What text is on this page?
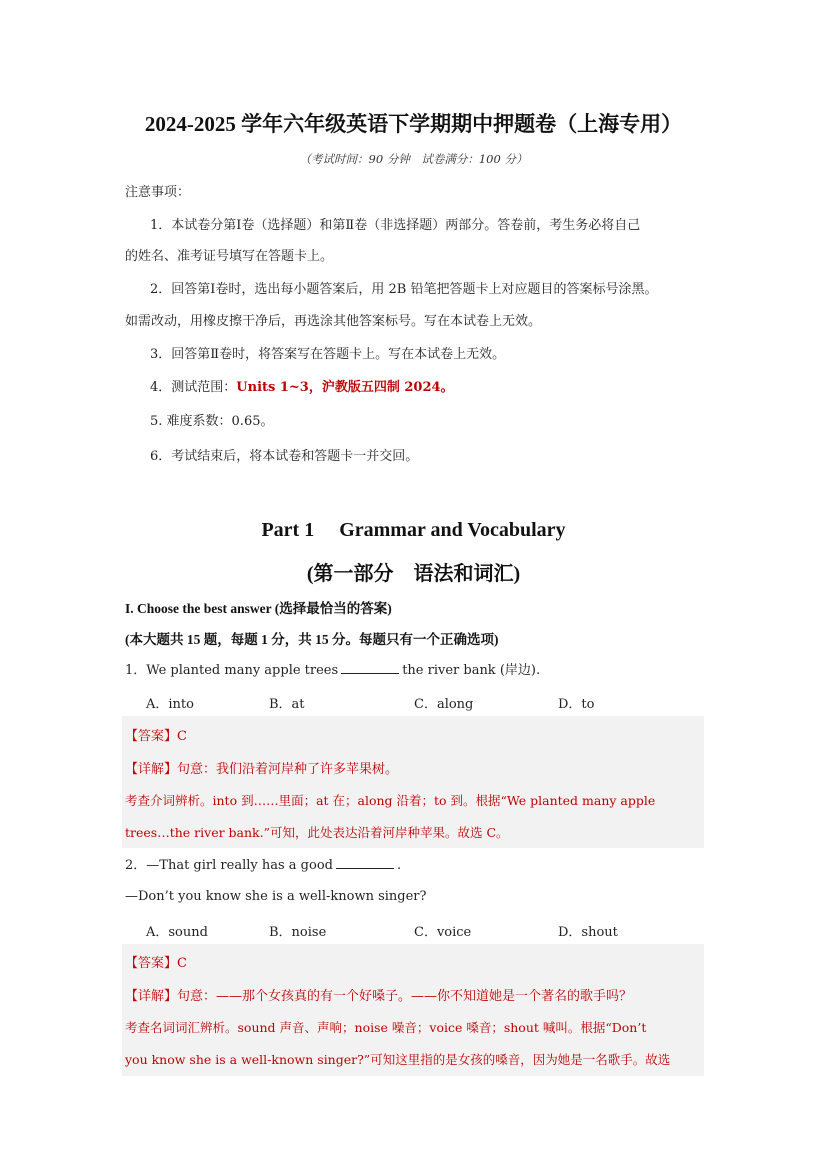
2024-2025 学年六年级英语下学期期中押题卷（上海专用）
（考试时间：90 分钟　试卷满分：100 分）
注意事项：
1．本试卷分第Ⅰ卷（选择题）和第Ⅱ卷（非选择题）两部分。答卷前，考生务必将自己
的姓名、准考证号填写在答题卡上。
2．回答第Ⅰ卷时，选出每小题答案后，用 2B 铅笔把答题卡上对应题目的答案标号涂黑。
如需改动，用橡皮擦干净后，再选涂其他答案标号。写在本试卷上无效。
3．回答第Ⅱ卷时，将答案写在答题卡上。写在本试卷上无效。
4．测试范围：Units 1~3，沪教版五四制 2024。
5. 难度系数：0.65。
6．考试结束后，将本试卷和答题卡一并交回。
Part 1　 Grammar and Vocabulary
(第一部分　语法和词汇)
I. Choose the best answer (选择最恰当的答案)
(本大题共 15 题，每题 1 分，共 15 分。每题只有一个正确选项)
1．We planted many apple trees	the river bank (岸边).
A．into	B．at	C．along	D．to
【答案】C
【详解】句意：我们沿着河岸种了许多苹果树。
考查介词辨析。into 到……里面；at 在；along 沿着；to 到。根据“We planted many apple
trees…the river bank.”可知，此处表达沿着河岸种苹果。故选 C。
2．—That girl really has a good	.
—Don’t you know she is a well-known singer?
A．sound	B．noise	C．voice	D．shout
【答案】C
【详解】句意：——那个女孩真的有一个好嗓子。——你不知道她是一个著名的歌手吗？
考查名词词汇辨析。sound 声音、声响；noise 噪音；voice 嗓音；shout 喊叫。根据“Don’t
you know she is a well-known singer?”可知这里指的是女孩的嗓音，因为她是一名歌手。故选
